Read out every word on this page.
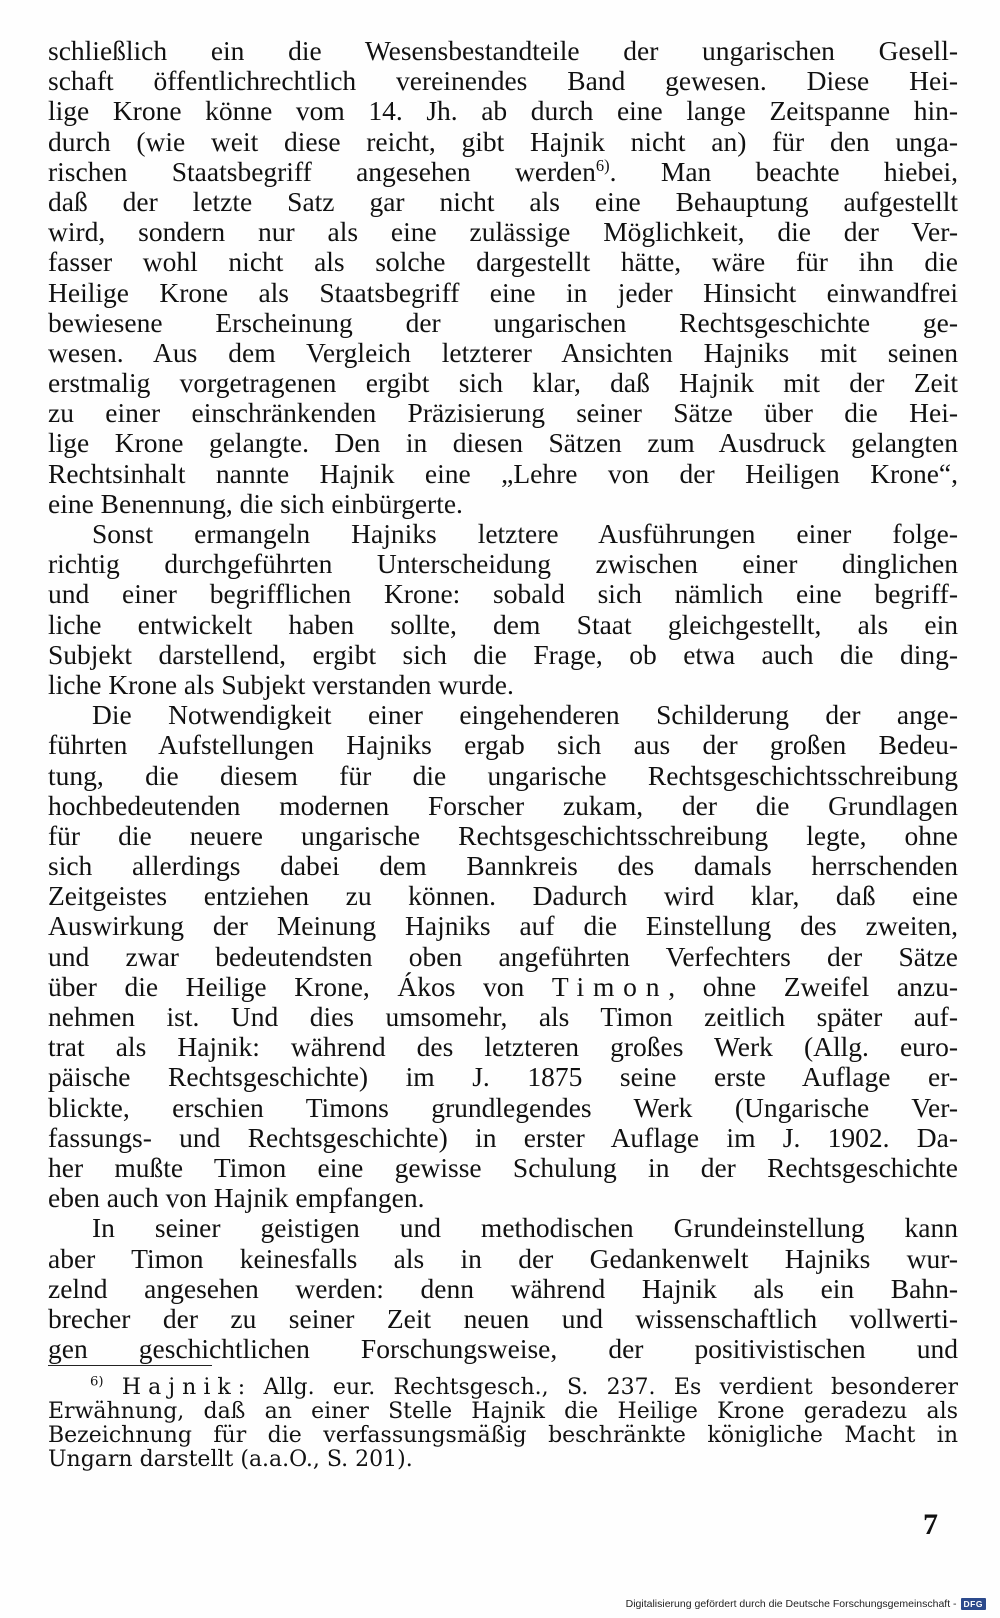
schließlich ein die Wesensbestandteile der ungarischen Gesell-
schaft öffentlichrechtlich vereinendes Band gewesen. Diese Hei-
lige Krone könne vom 14. Jh. ab durch eine lange Zeitspanne hin-
durch (wie weit diese reicht, gibt Hajnik nicht an) für den unga-
rischen Staatsbegriff angesehen werden$^{6)}$. Man beachte hiebei,
daß der letzte Satz gar nicht als eine Behauptung aufgestellt
wird, sondern nur als eine zulässige Möglichkeit, die der Ver-
fasser wohl nicht als solche dargestellt hätte, wäre für ihn die
Heilige Krone als Staatsbegriff eine in jeder Hinsicht einwandfrei
bewiesene Erscheinung der ungarischen Rechtsgeschichte ge-
wesen. Aus dem Vergleich letzterer Ansichten Hajniks mit seinen
erstmalig vorgetragenen ergibt sich klar, daß Hajnik mit der Zeit
zu einer einschränkenden Präzisierung seiner Sätze über die Hei-
lige Krone gelangte. Den in diesen Sätzen zum Ausdruck gelangten
Rechtsinhalt nannte Hajnik eine „Lehre von der Heiligen Krone“,
eine Benennung, die sich einbürgerte.
Sonst ermangeln Hajniks letztere Ausführungen einer folge-
richtig durchgeführten Unterscheidung zwischen einer dinglichen
und einer begrifflichen Krone: sobald sich nämlich eine begriff-
liche entwickelt haben sollte, dem Staat gleichgestellt, als ein
Subjekt darstellend, ergibt sich die Frage, ob etwa auch die ding-
liche Krone als Subjekt verstanden wurde.
Die Notwendigkeit einer eingehenderen Schilderung der ange-
führten Aufstellungen Hajniks ergab sich aus der großen Bedeu-
tung, die diesem für die ungarische Rechtsgeschichtsschreibung
hochbedeutenden modernen Forscher zukam, der die Grundlagen
für die neuere ungarische Rechtsgeschichtsschreibung legte, ohne
sich allerdings dabei dem Bannkreis des damals herrschenden
Zeitgeistes entziehen zu können. Dadurch wird klar, daß eine
Auswirkung der Meinung Hajniks auf die Einstellung des zweiten,
und zwar bedeutendsten oben angeführten Verfechters der Sätze
über die Heilige Krone, Ákos von Timon, ohne Zweifel anzu-
nehmen ist. Und dies umsomehr, als Timon zeitlich später auf-
trat als Hajnik: während des letzteren großes Werk (Allg. euro-
päische Rechtsgeschichte) im J. 1875 seine erste Auflage er-
blickte, erschien Timons grundlegendes Werk (Ungarische Ver-
fassungs- und Rechtsgeschichte) in erster Auflage im J. 1902. Da-
her mußte Timon eine gewisse Schulung in der Rechtsgeschichte
eben auch von Hajnik empfangen.
In seiner geistigen und methodischen Grundeinstellung kann
aber Timon keinesfalls als in der Gedankenwelt Hajniks wur-
zelnd angesehen werden: denn während Hajnik als ein Bahn-
brecher der zu seiner Zeit neuen und wissenschaftlich vollwerti-
gen geschichtlichen Forschungsweise, der positivistischen und
$^{6)}$ Hajnik: Allg. eur. Rechtsgesch., S. 237. Es verdient besonderer
Erwähnung, daß an einer Stelle Hajnik die Heilige Krone geradezu als
Bezeichnung für die verfassungsmäßig beschränkte königliche Macht in
Ungarn darstellt (a.a.O., S. 201).
7
Digitalisierung gefördert durch die Deutsche Forschungsgemeinschaft - DFG
